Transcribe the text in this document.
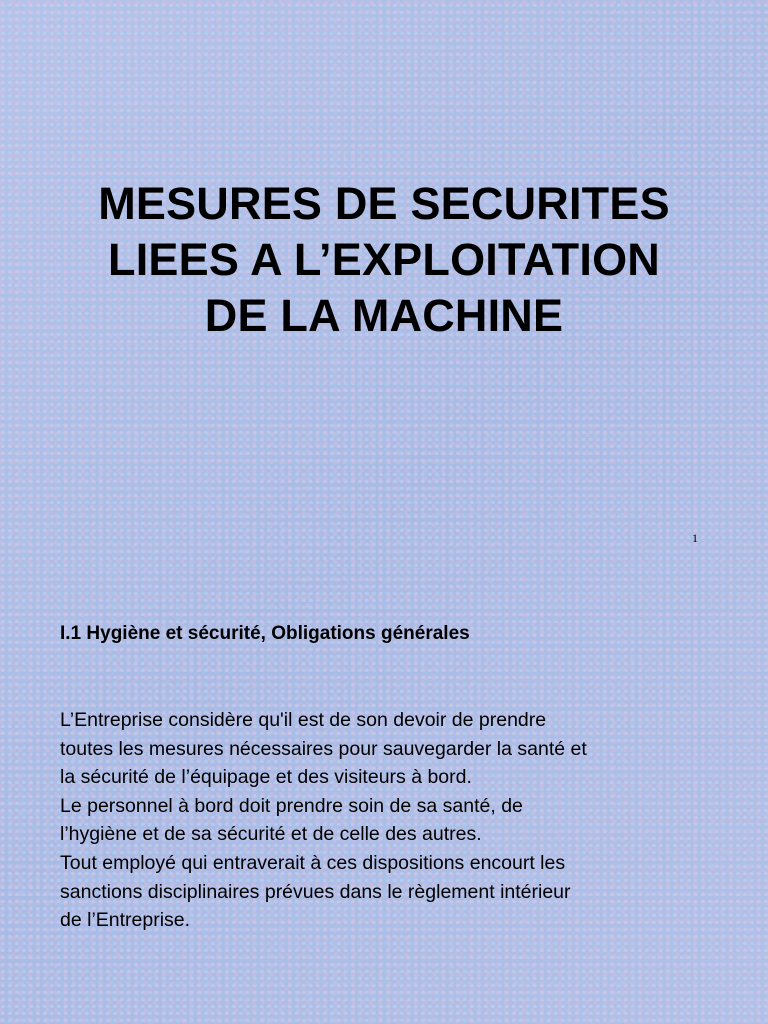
MESURES DE SECURITES
LIEES A L’EXPLOITATION
DE LA MACHINE
1
I.1 Hygiène et sécurité, Obligations générales
L’Entreprise considère qu'il est de son devoir de prendre
toutes les mesures nécessaires pour sauvegarder la santé et
la sécurité de l’équipage et des visiteurs à bord.
Le personnel à bord doit prendre soin de sa santé, de
l’hygiène et de sa sécurité et de celle des autres.
Tout employé qui entraverait à ces dispositions encourt les
sanctions disciplinaires prévues dans le règlement intérieur
de l’Entreprise.
